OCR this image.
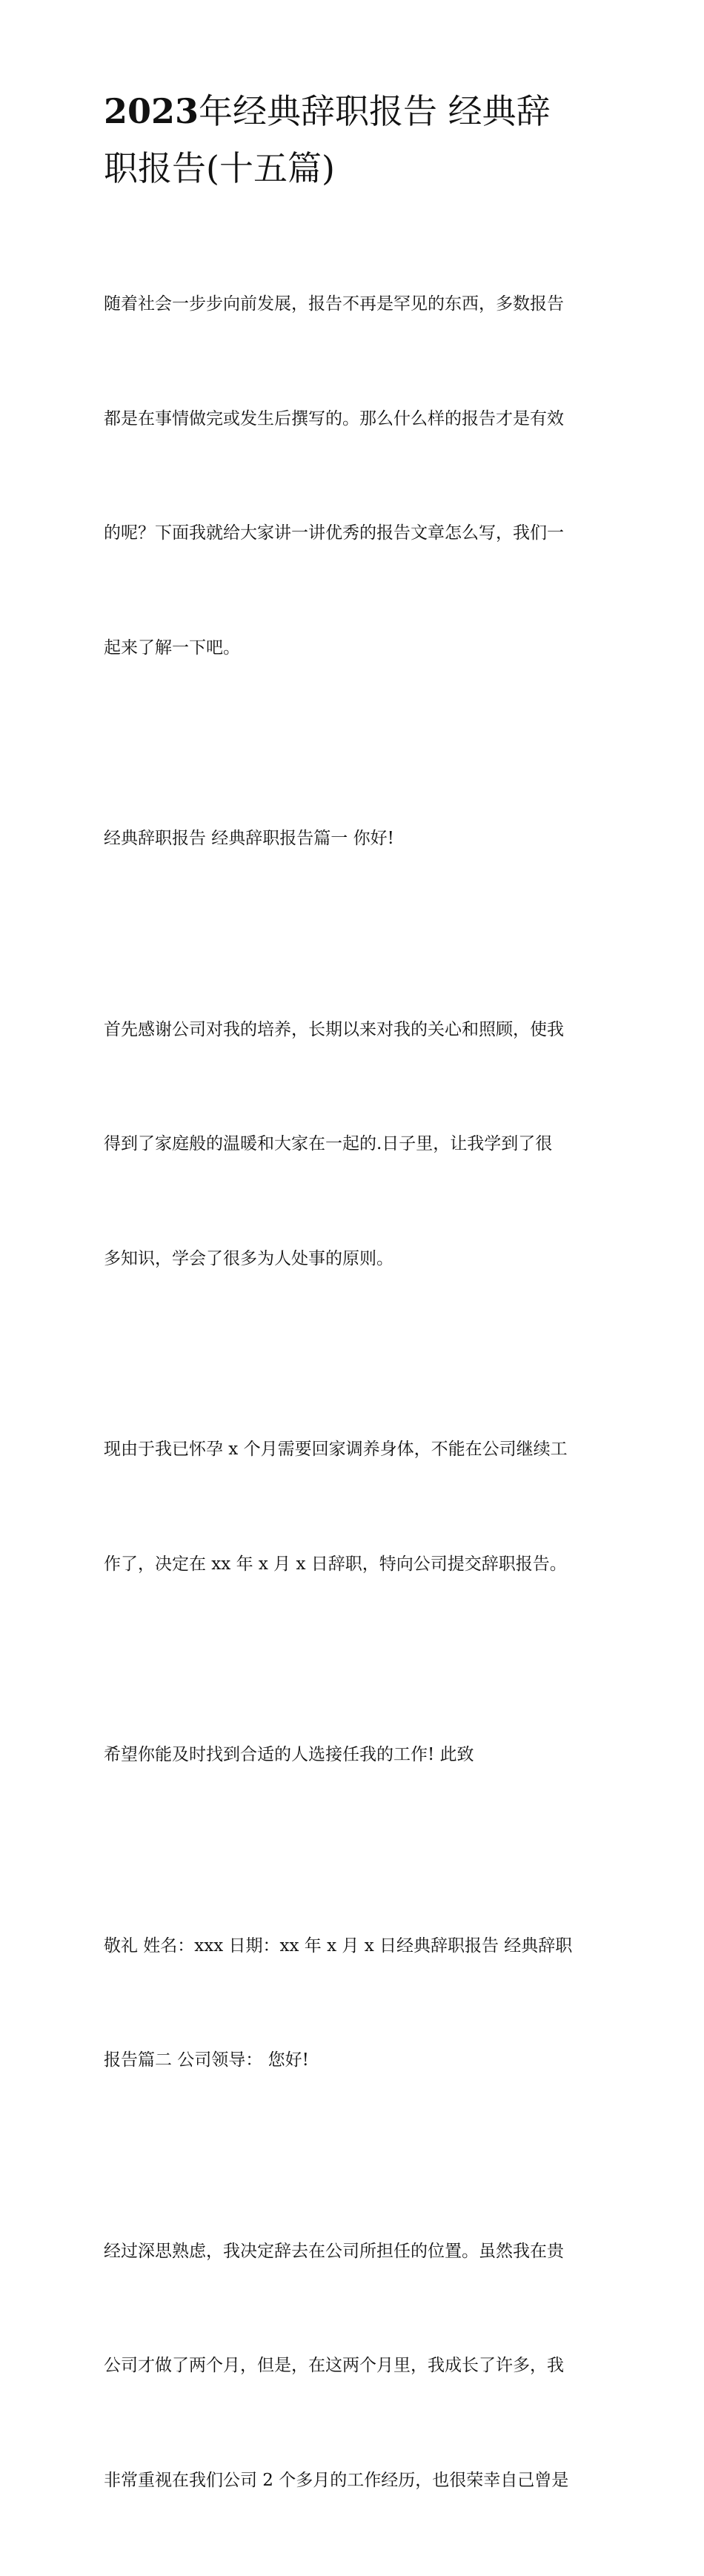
2023年经典辞职报告 经典辞
职报告(十五篇)

随着社会一步步向前发展，报告不再是罕见的东西，多数报告

都是在事情做完或发生后撰写的。那么什么样的报告才是有效

的呢？下面我就给大家讲一讲优秀的报告文章怎么写，我们一

起来了解一下吧。

经典辞职报告 经典辞职报告篇一 你好!

首先感谢公司对我的培养，长期以来对我的关心和照顾，使我

得到了家庭般的温暖和大家在一起的.日子里，让我学到了很

多知识，学会了很多为人处事的原则。

现由于我已怀孕 x 个月需要回家调养身体，不能在公司继续工

作了，决定在 xx 年 x 月 x 日辞职，特向公司提交辞职报告。

希望你能及时找到合适的人选接任我的工作! 此致

敬礼 姓名：xxx 日期：xx 年 x 月 x 日经典辞职报告 经典辞职

报告篇二 公司领导： 您好!

经过深思熟虑，我决定辞去在公司所担任的位置。虽然我在贵

公司才做了两个月，但是，在这两个月里，我成长了许多，我

非常重视在我们公司 2 个多月的工作经历，也很荣幸自己曾是
